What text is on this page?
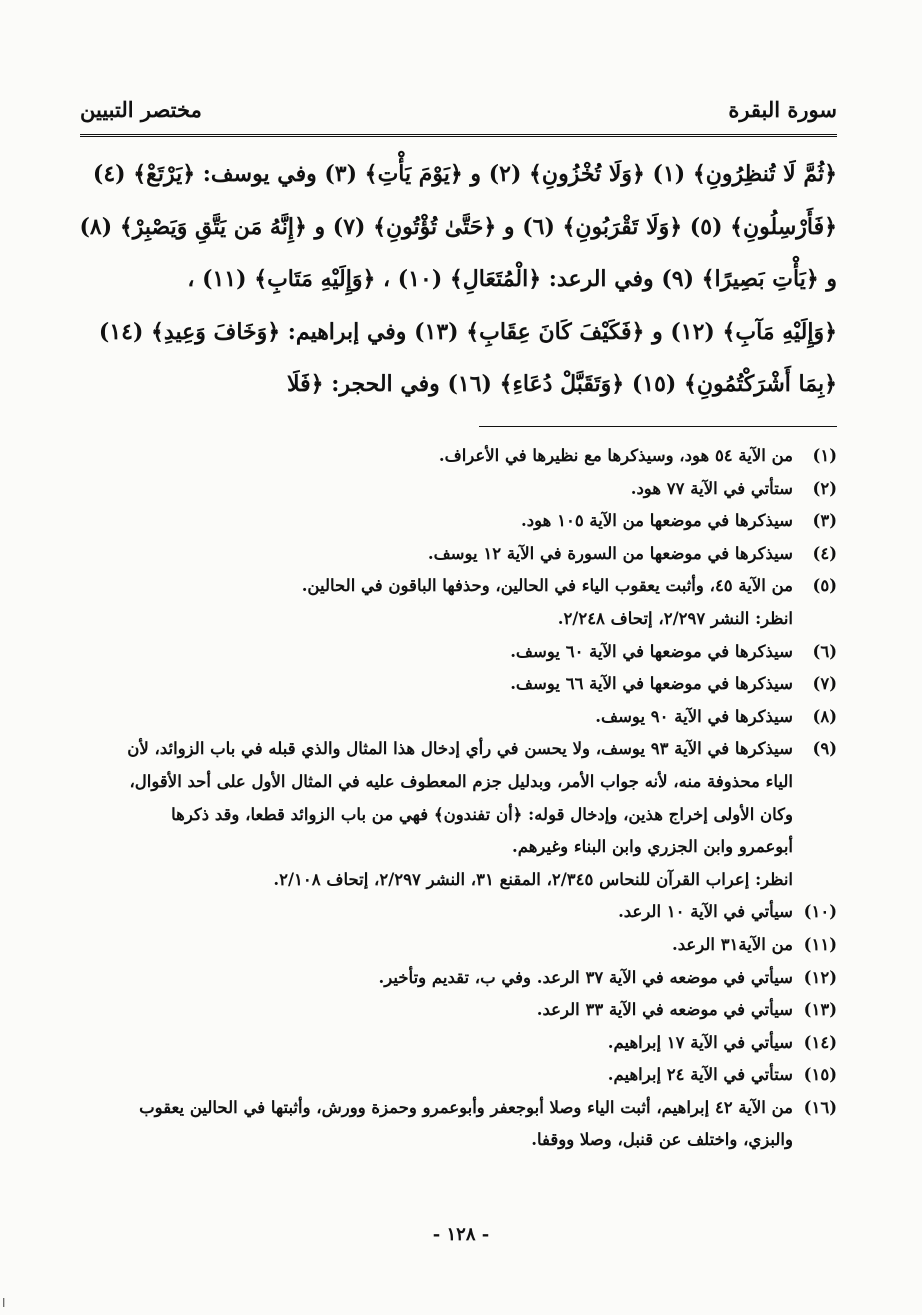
سورة البقرة
مختصر التبيين
﴿ثُمَّ لَا تُنظِرُونِ﴾ (١) ﴿وَلَا تُخْزُونِ﴾ (٢) و ﴿يَوْمَ يَأْتِ﴾ (٣) وفي يوسف: ﴿يَرْتَعْ﴾ (٤)
﴿فَأَرْسِلُونِ﴾ (٥) ﴿وَلَا تَقْرَبُونِ﴾ (٦) و ﴿حَتَّىٰ تُؤْتُونِ﴾ (٧) و ﴿إِنَّهُ مَن يَتَّقِ وَيَصْبِرْ﴾ (٨)
و ﴿يَأْتِ بَصِيرًا﴾ (٩) وفي الرعد: ﴿الْمُتَعَالِ﴾ (١٠) ، ﴿وَإِلَيْهِ مَتَابِ﴾ (١١) ،
﴿وَإِلَيْهِ مَآبِ﴾ (١٢) و ﴿فَكَيْفَ كَانَ عِقَابِ﴾ (١٣) وفي إبراهيم: ﴿وَخَافَ وَعِيدِ﴾ (١٤)
﴿بِمَا أَشْرَكْتُمُونِ﴾ (١٥) ﴿وَتَقَبَّلْ دُعَاءِ﴾ (١٦) وفي الحجر: ﴿فَلَا
(١)
من الآية ٥٤ هود، وسيذكرها مع نظيرها في الأعراف.
(٢)
ستأتي في الآية ٧٧ هود.
(٣)
سيذكرها في موضعها من الآية ١٠٥ هود.
(٤)
سيذكرها في موضعها من السورة في الآية ١٢ يوسف.
(٥)
من الآية ٤٥، وأثبت يعقوب الياء في الحالين، وحذفها الباقون في الحالين.
انظر: النشر ٢/٢٩٧، إتحاف ٢/٢٤٨.
(٦)
سيذكرها في موضعها في الآية ٦٠ يوسف.
(٧)
سيذكرها في موضعها في الآية ٦٦ يوسف.
(٨)
سيذكرها في الآية ٩٠ يوسف.
(٩)
سيذكرها في الآية ٩٣ يوسف، ولا يحسن في رأي إدخال هذا المثال والذي قبله في باب الزوائد، لأن
الياء محذوفة منه، لأنه جواب الأمر، وبدليل جزم المعطوف عليه في المثال الأول على أحد الأقوال،
وكان الأولى إخراج هذين، وإدخال قوله: ﴿أن تفندون﴾ فهي من باب الزوائد قطعا، وقد ذكرها
أبوعمرو وابن الجزري وابن البناء وغيرهم.
انظر: إعراب القرآن للنحاس ٢/٣٤٥، المقنع ٣١، النشر ٢/٢٩٧، إتحاف ٢/١٠٨.
(١٠)
سيأتي في الآية ١٠ الرعد.
(١١)
من الآية٣١ الرعد.
(١٢)
سيأتي في موضعه في الآية ٣٧ الرعد. وفي ب، تقديم وتأخير.
(١٣)
سيأتي في موضعه في الآية ٣٣ الرعد.
(١٤)
سيأتي في الآية ١٧ إبراهيم.
(١٥)
ستأتي في الآية ٢٤ إبراهيم.
(١٦)
من الآية ٤٢ إبراهيم، أثبت الياء وصلا أبوجعفر وأبوعمرو وحمزة وورش، وأثبتها في الحالين يعقوب
والبزي، واختلف عن قنبل، وصلا ووقفا.
- ١٢٨ -
ǀ
